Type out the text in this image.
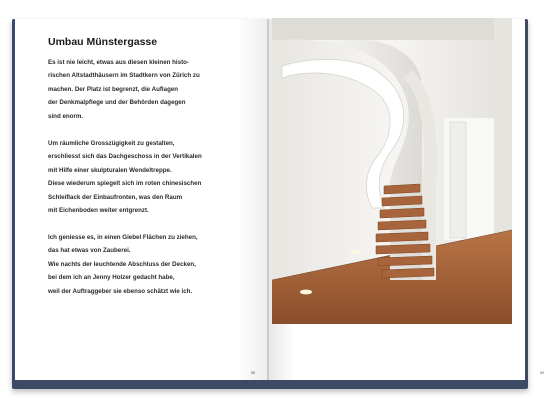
Umbau Münstergasse
Es ist nie leicht, etwas aus diesen kleinen histo-
rischen Altstadthäusern im Stadtkern von Zürich zu
machen. Der Platz ist begrenzt, die Auflagen
der Denkmalpflege und der Behörden dagegen
sind enorm.
Um räumliche Grosszügigkeit zu gestalten,
erschliesst sich das Dachgeschoss in der Vertikalen
mit Hilfe einer skulpturalen Wendeltreppe.
Diese wiederum spiegelt sich im roten chinesischen
Schleiflack der Einbaufronten, was den Raum
mit Eichenboden weiter entgrenzt.
Ich geniesse es, in einen Giebel Flächen zu ziehen,
das hat etwas von Zauberei.
Wie nachts der leuchtende Abschluss der Decken,
bei dem ich an Jenny Holzer gedacht habe,
weil der Auftraggeber sie ebenso schätzt wie ich.
58	59
